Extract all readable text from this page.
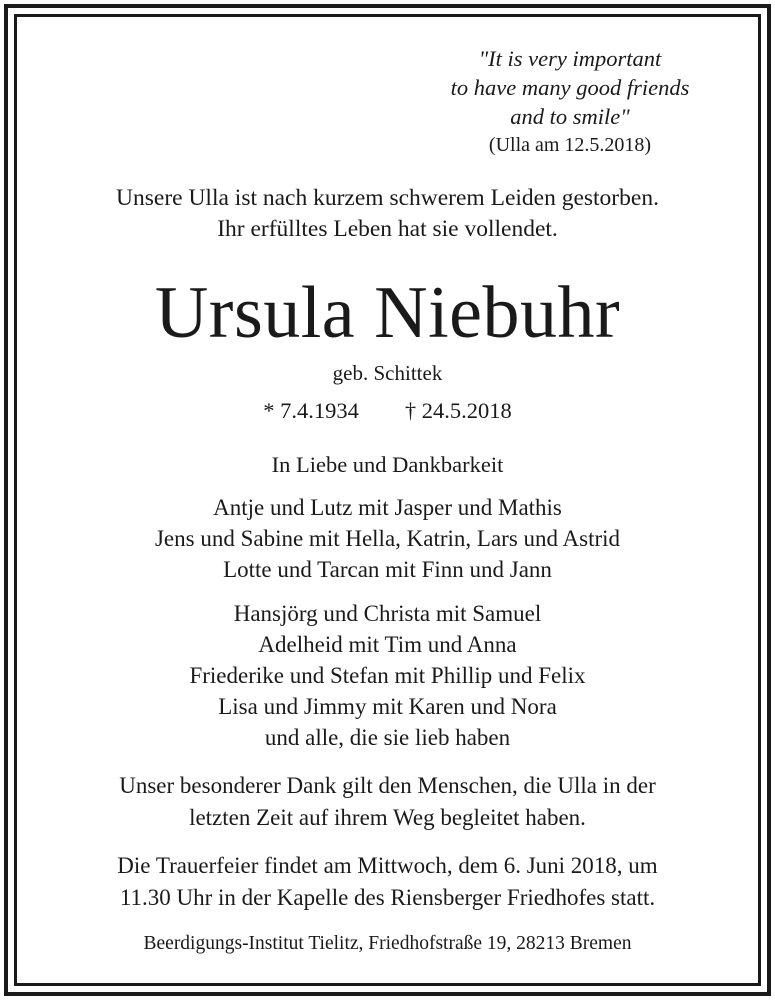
"It is very important
to have many good friends
and to smile"
(Ulla am 12.5.2018)
Unsere Ulla ist nach kurzem schwerem Leiden gestorben.
Ihr erfülltes Leben hat sie vollendet.
Ursula Niebuhr
geb. Schittek
* 7.4.1934 † 24.5.2018
In Liebe und Dankbarkeit
Antje und Lutz mit Jasper und Mathis
Jens und Sabine mit Hella, Katrin, Lars und Astrid
Lotte und Tarcan mit Finn und Jann
Hansjörg und Christa mit Samuel
Adelheid mit Tim und Anna
Friederike und Stefan mit Phillip und Felix
Lisa und Jimmy mit Karen und Nora
und alle, die sie lieb haben
Unser besonderer Dank gilt den Menschen, die Ulla in der
letzten Zeit auf ihrem Weg begleitet haben.
Die Trauerfeier findet am Mittwoch, dem 6. Juni 2018, um
11.30 Uhr in der Kapelle des Riensberger Friedhofes statt.
Beerdigungs-Institut Tielitz, Friedhofstraße 19, 28213 Bremen
